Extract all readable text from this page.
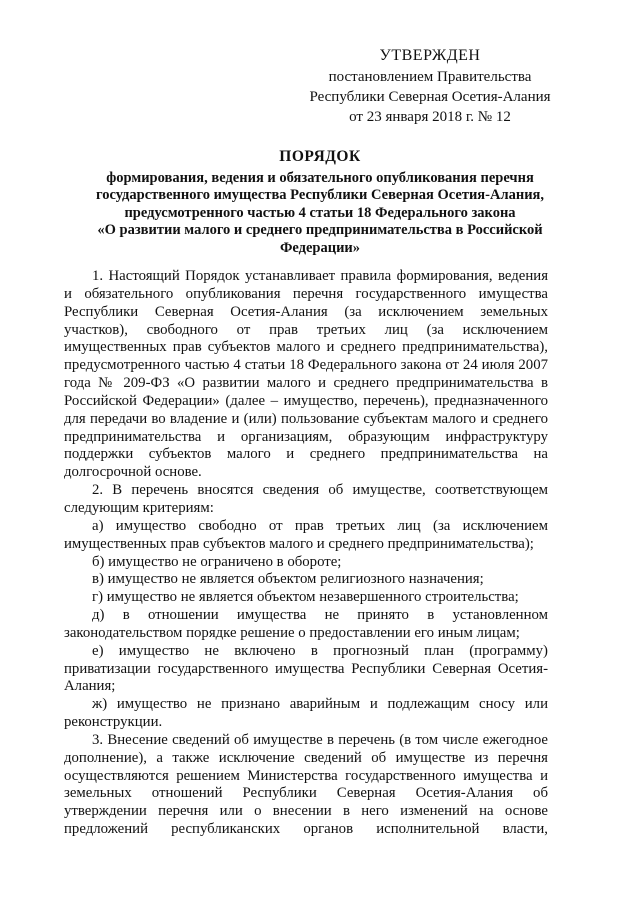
УТВЕРЖДЕН
постановлением Правительства
Республики Северная Осетия-Алания
от 23 января 2018 г. № 12
ПОРЯДОК
формирования, ведения и обязательного опубликования перечня
государственного имущества Республики Северная Осетия-Алания,
предусмотренного частью 4 статьи 18 Федерального закона
«О развитии малого и среднего предпринимательства в Российской
Федерации»

1. Настоящий Порядок устанавливает правила формирования, ведения и обязательного опубликования перечня государственного имущества Республики Северная Осетия-Алания (за исключением земельных участков), свободного от прав третьих лиц (за исключением имущественных прав субъектов малого и среднего предпринимательства), предусмотренного частью 4 статьи 18 Федерального закона от 24 июля 2007 года № 209-ФЗ «О развитии малого и среднего предпринимательства в Российской Федерации» (далее – имущество, перечень), предназначенного для передачи во владение и (или) пользование субъектам малого и среднего предпринимательства и организациям, образующим инфраструктуру поддержки субъектов малого и среднего предпринимательства на долгосрочной основе.

2. В перечень вносятся сведения об имуществе, соответствующем следующим критериям:

а) имущество свободно от прав третьих лиц (за исключением имущественных прав субъектов малого и среднего предпринимательства);

б) имущество не ограничено в обороте;

в) имущество не является объектом религиозного назначения;

г) имущество не является объектом незавершенного строительства;

д) в отношении имущества не принято в установленном законодательством порядке решение о предоставлении его иным лицам;

е) имущество не включено в прогнозный план (программу) приватизации государственного имущества Республики Северная Осетия-Алания;

ж) имущество не признано аварийным и подлежащим сносу или реконструкции.

3. Внесение сведений об имуществе в перечень (в том числе ежегодное дополнение), а также исключение сведений об имуществе из перечня осуществляются решением Министерства государственного имущества и земельных отношений Республики Северная Осетия-Алания об утверждении перечня или о внесении в него изменений на основе предложений республиканских органов исполнительной власти,
